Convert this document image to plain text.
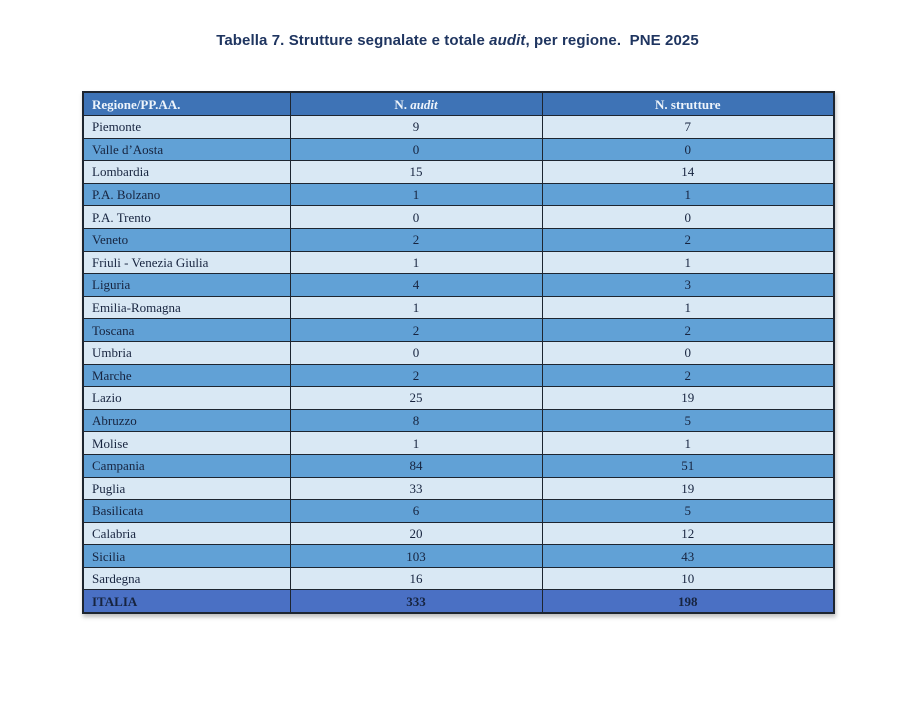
Tabella 7. Strutture segnalate e totale audit, per regione.  PNE 2025
Regione/PP.AA.	N. audit	N. strutture
Piemonte	9	7
Valle d’Aosta	0	0
Lombardia	15	14
P.A. Bolzano	1	1
P.A. Trento	0	0
Veneto	2	2
Friuli - Venezia Giulia	1	1
Liguria	4	3
Emilia-Romagna	1	1
Toscana	2	2
Umbria	0	0
Marche	2	2
Lazio	25	19
Abruzzo	8	5
Molise	1	1
Campania	84	51
Puglia	33	19
Basilicata	6	5
Calabria	20	12
Sicilia	103	43
Sardegna	16	10
ITALIA	333	198
